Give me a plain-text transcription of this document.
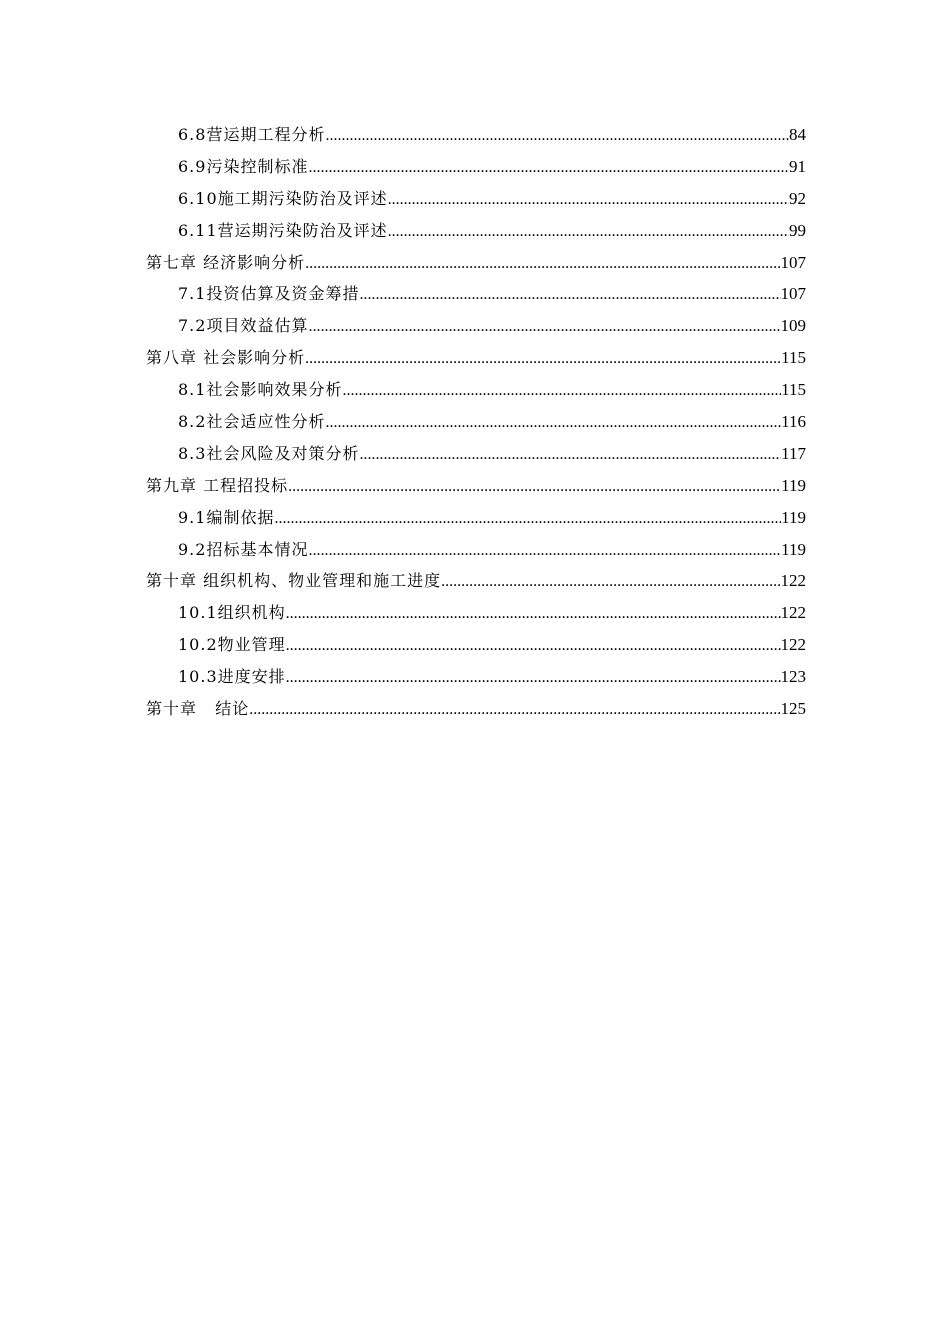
6.8营运期工程分析 .....	84
6.9污染控制标准 .....	91
6.10施工期污染防治及评述 .....	92
6.11营运期污染防治及评述 .....	99
第七章 经济影响分析 .....	107
7.1投资估算及资金筹措 .....	107
7.2项目效益估算 .....	109
第八章 社会影响分析 .....	115
8.1社会影响效果分析 .....	115
8.2社会适应性分析 .....	116
8.3社会风险及对策分析 .....	117
第九章 工程招投标 .....	119
9.1编制依据 .....	119
9.2招标基本情况 .....	119
第十章 组织机构、物业管理和施工进度 .....	122
10.1组织机构 .....	122
10.2物业管理 .....	122
10.3进度安排 .....	123
第十章   结论 .....	125
